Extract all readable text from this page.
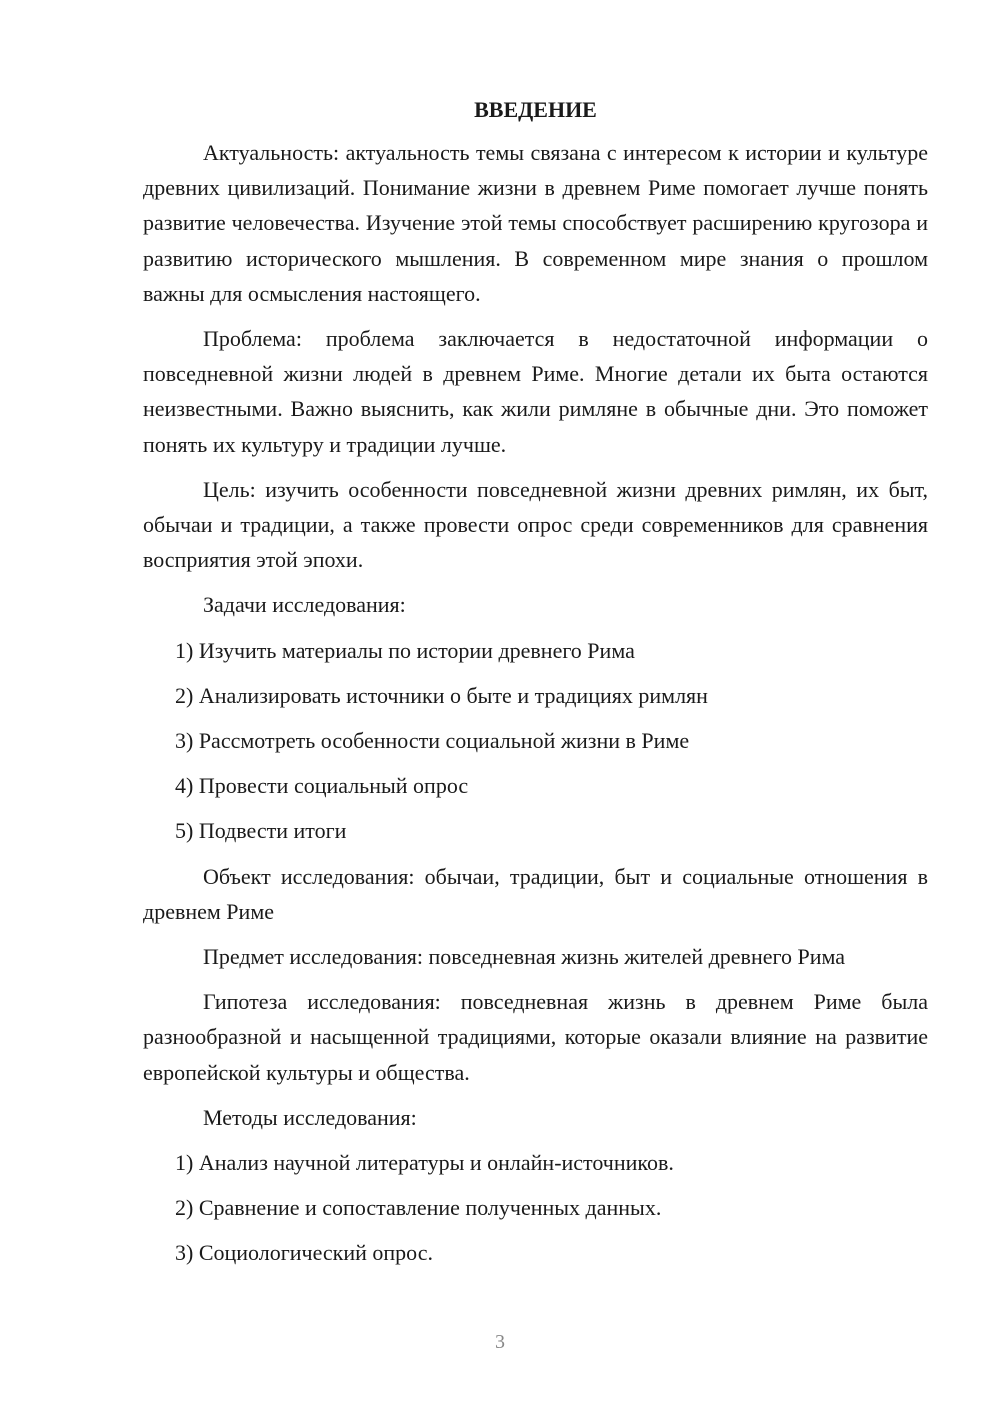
ВВЕДЕНИЕ

Актуальность: актуальность темы связана с интересом к истории и культуре древних цивилизаций. Понимание жизни в древнем Риме помогает лучше понять развитие человечества. Изучение этой темы способствует расширению кругозора и развитию исторического мышления. В современном мире знания о прошлом важны для осмысления настоящего.

Проблема: проблема заключается в недостаточной информации о повседневной жизни людей в древнем Риме. Многие детали их быта остаются неизвестными. Важно выяснить, как жили римляне в обычные дни. Это поможет понять их культуру и традиции лучше.

Цель: изучить особенности повседневной жизни древних римлян, их быт, обычаи и традиции, а также провести опрос среди современников для сравнения восприятия этой эпохи.

Задачи исследования:

1) Изучить материалы по истории древнего Рима
2) Анализировать источники о быте и традициях римлян
3) Рассмотреть особенности социальной жизни в Риме
4) Провести социальный опрос
5) Подвести итоги

Объект исследования: обычаи, традиции, быт и социальные отношения в древнем Риме

Предмет исследования: повседневная жизнь жителей древнего Рима

Гипотеза исследования: повседневная жизнь в древнем Риме была разнообразной и насыщенной традициями, которые оказали влияние на развитие европейской культуры и общества.

Методы исследования:

1) Анализ научной литературы и онлайн-источников.
2) Сравнение и сопоставление полученных данных.
3) Социологический опрос.
3
